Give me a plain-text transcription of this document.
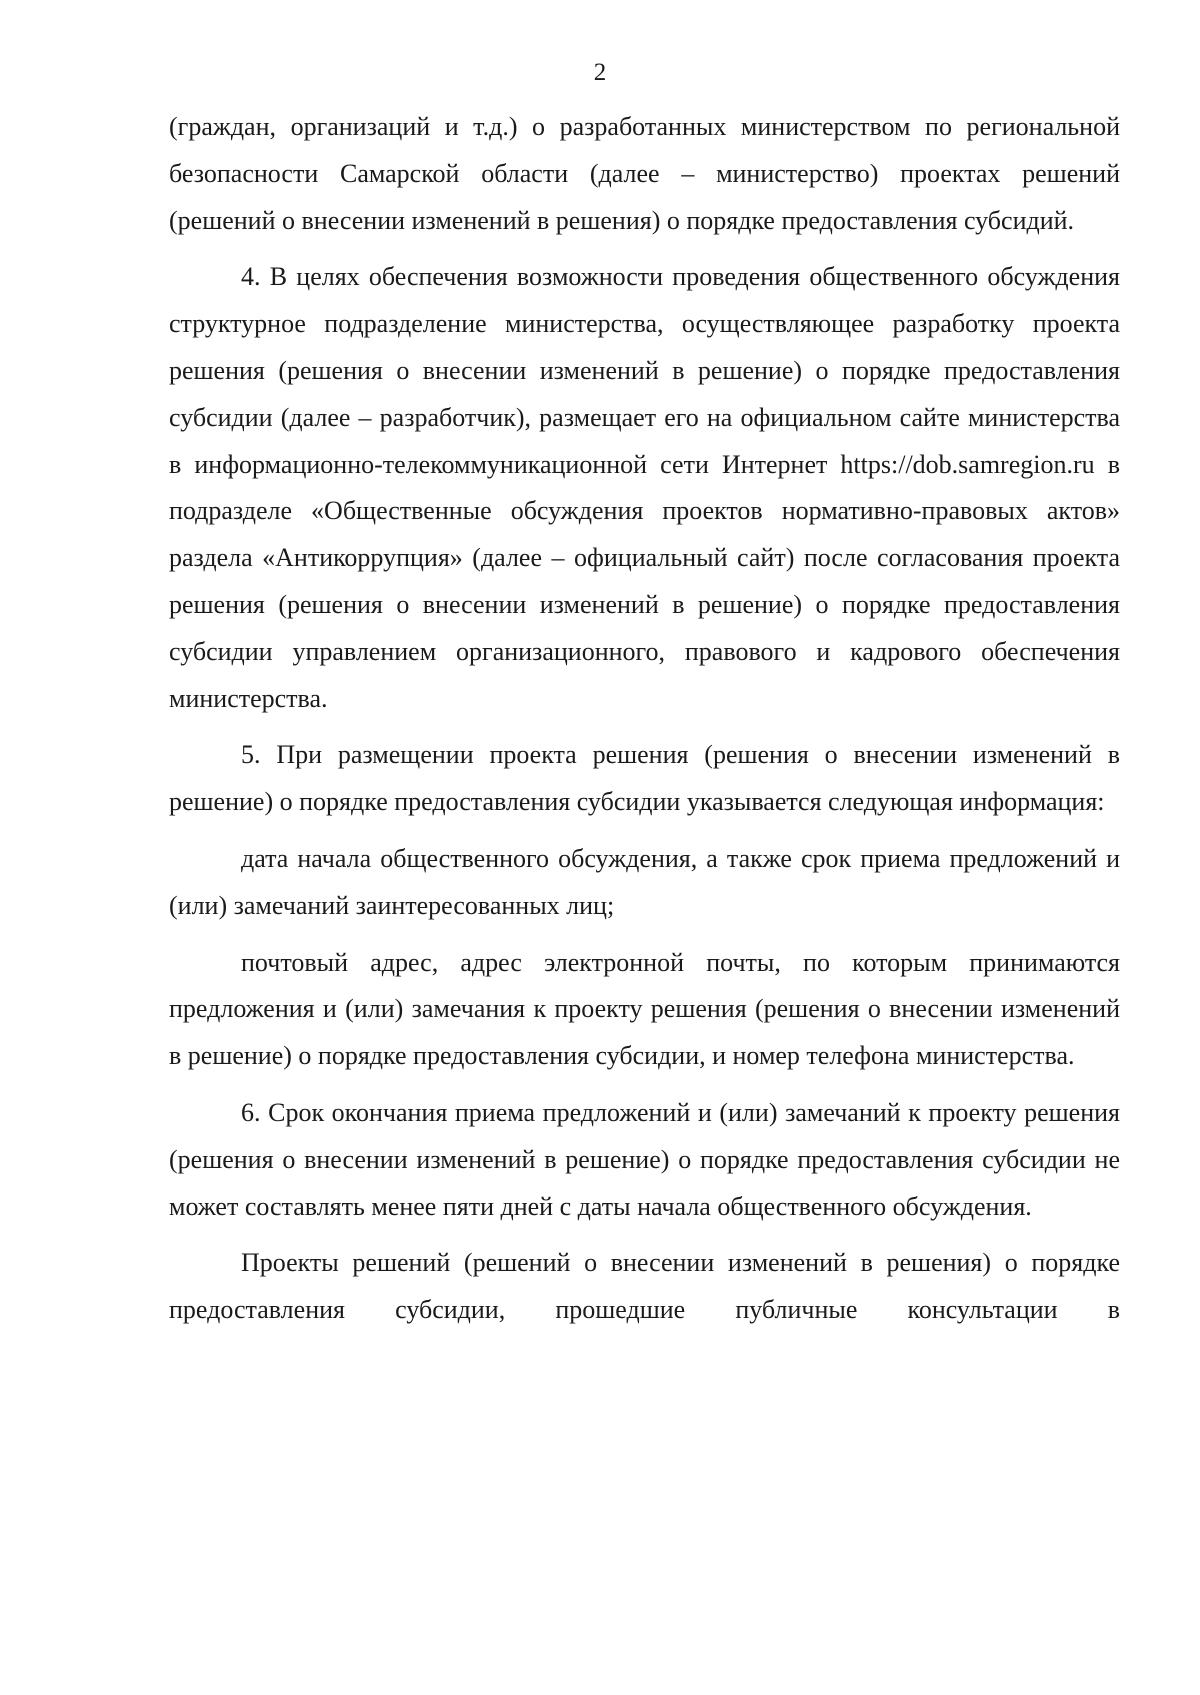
2

(граждан, организаций и т.д.) о разработанных министерством по региональной безопасности Самарской области (далее – министерство) проектах решений (решений о внесении изменений в решения) о порядке предоставления субсидий.

4. В целях обеспечения возможности проведения общественного обсуждения структурное подразделение министерства, осуществляющее разработку проекта решения (решения о внесении изменений в решение) о порядке предоставления субсидии (далее – разработчик), размещает его на официальном сайте министерства в информационно-телекоммуникационной сети Интернет https://dob.samregion.ru в подразделе «Общественные обсуждения проектов нормативно-правовых актов» раздела «Антикоррупция» (далее – официальный сайт) после согласования проекта решения (решения о внесении изменений в решение) о порядке предоставления субсидии управлением организационного, правового и кадрового обеспечения министерства.

5. При размещении проекта решения (решения о внесении изменений в решение) о порядке предоставления субсидии указывается следующая информация:

дата начала общественного обсуждения, а также срок приема предложений и (или) замечаний заинтересованных лиц;

почтовый адрес, адрес электронной почты, по которым принимаются предложения и (или) замечания к проекту решения (решения о внесении изменений в решение) о порядке предоставления субсидии, и номер телефона министерства.

6. Срок окончания приема предложений и (или) замечаний к проекту решения (решения о внесении изменений в решение) о порядке предоставления субсидии не может составлять менее пяти дней с даты начала общественного обсуждения.

Проекты решений (решений о внесении изменений в решения) о порядке предоставления субсидии, прошедшие публичные консультации в
